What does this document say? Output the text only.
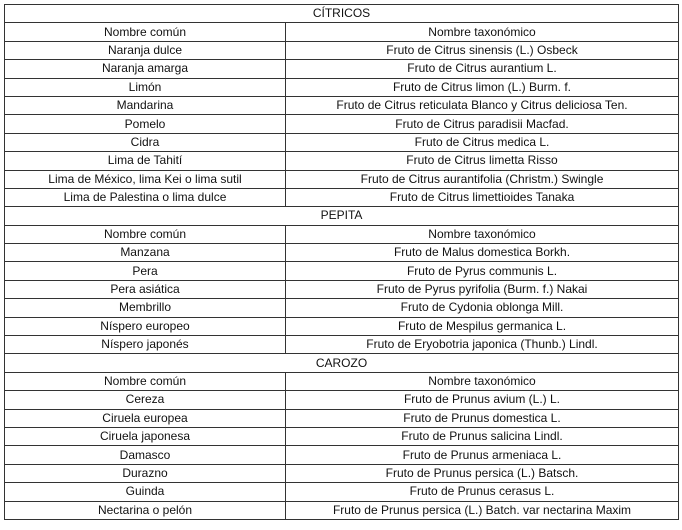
CÍTRICOS	
Nombre común	Nombre taxonómico
Naranja dulce	Fruto de Citrus sinensis (L.) Osbeck
Naranja amarga	Fruto de Citrus aurantium L.
Limón	Fruto de Citrus limon (L.) Burm. f.
Mandarina	Fruto de Citrus reticulata Blanco y Citrus deliciosa Ten.
Pomelo	Fruto de Citrus paradisii Macfad.
Cidra	Fruto de Citrus medica L.
Lima de Tahití	Fruto de Citrus limetta Risso
Lima de México, lima Kei o lima sutil	Fruto de Citrus aurantifolia (Christm.) Swingle
Lima de Palestina o lima dulce	Fruto de Citrus limettioides Tanaka
PEPITA	
Nombre común	Nombre taxonómico
Manzana	Fruto de Malus domestica Borkh.
Pera	Fruto de Pyrus communis L.
Pera asiática	Fruto de Pyrus pyrifolia (Burm. f.) Nakai
Membrillo	Fruto de Cydonia oblonga Mill.
Níspero europeo	Fruto de Mespilus germanica L.
Níspero japonés	Fruto de Eryobotria japonica (Thunb.) Lindl.
CAROZO	
Nombre común	Nombre taxonómico
Cereza	Fruto de Prunus avium (L.) L.
Ciruela europea	Fruto de Prunus domestica L.
Ciruela japonesa	Fruto de Prunus salicina Lindl.
Damasco	Fruto de Prunus armeniaca L.
Durazno	Fruto de Prunus persica (L.) Batsch.
Guinda	Fruto de Prunus cerasus L.
Nectarina o pelón	Fruto de Prunus persica (L.) Batch. var nectarina Maxim
